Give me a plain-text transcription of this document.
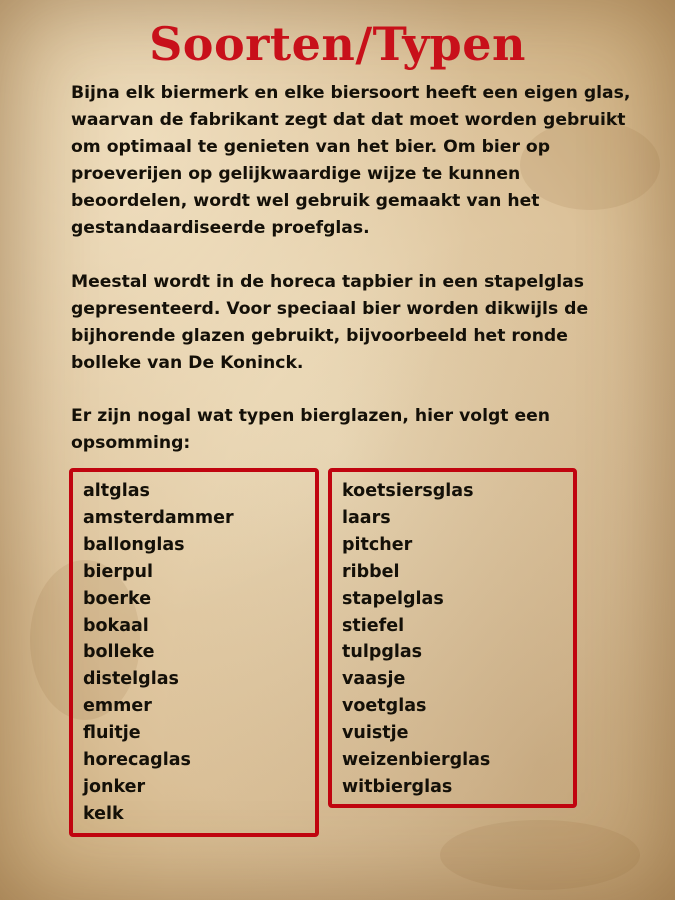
Soorten/Typen

Bijna elk biermerk en elke biersoort heeft een eigen glas, waarvan de fabrikant zegt dat dat moet worden gebruikt om optimaal te genieten van het bier. Om bier op proeverijen op gelijkwaardige wijze te kunnen beoordelen, wordt wel gebruik gemaakt van het gestandaardiseerde proefglas.

Meestal wordt in de horeca tapbier in een stapelglas gepresenteerd. Voor speciaal bier worden dikwijls de bijhorende glazen gebruikt, bijvoorbeeld het ronde bolleke van De Koninck.

Er zijn nogal wat typen bierglazen, hier volgt een opsomming:

altglas
amsterdammer
ballonglas
bierpul
boerke
bokaal
bolleke
distelglas
emmer
fluitje
horecaglas
jonker
kelk
koetsiersglas
laars
pitcher
ribbel
stapelglas
stiefel
tulpglas
vaasje
voetglas
vuistje
weizenbierglas
witbierglas
